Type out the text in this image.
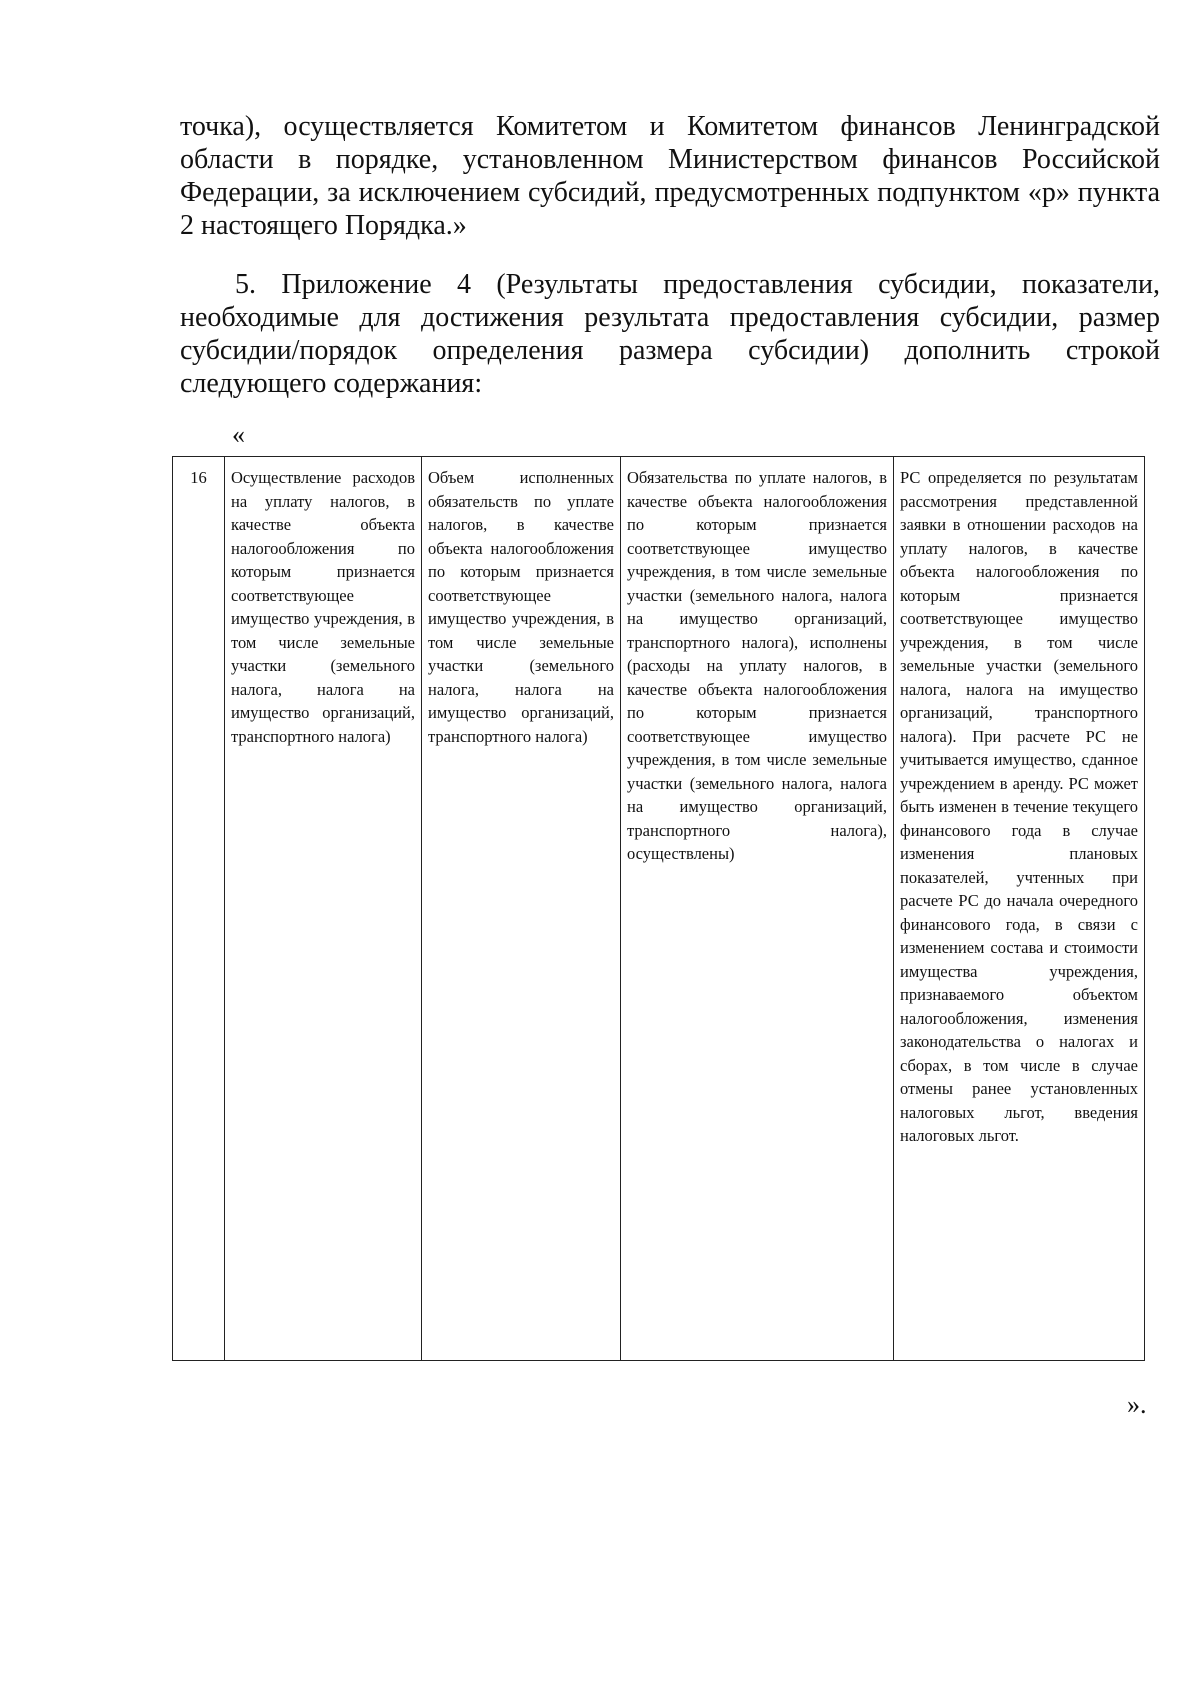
точка), осуществляется Комитетом и Комитетом финансов Ленинградской области в порядке, установленном Министерством финансов Российской Федерации, за исключением субсидий, предусмотренных подпунктом «р» пункта 2 настоящего Порядка.»

5. Приложение 4 (Результаты предоставления субсидии, показатели, необходимые для достижения результата предоставления субсидии, размер субсидии/порядок определения размера субсидии) дополнить строкой следующего содержания:

«
16	Осуществление расходов на уплату налогов, в качестве объекта налогообложения по которым признается соответствующее имущество учреждения, в том числе земельные участки (земельного налога, налога на имущество организаций, транспортного налога)	Объем исполненных обязательств по уплате налогов, в качестве объекта налогообложения по которым признается соответствующее имущество учреждения, в том числе земельные участки (земельного налога, налога на имущество организаций, транспортного налога)	Обязательства по уплате налогов, в качестве объекта налогообложения по которым признается соответствующее имущество учреждения, в том числе земельные участки (земельного налога, налога на имущество организаций, транспортного налога), исполнены (расходы на уплату налогов, в качестве объекта налогообложения по которым признается соответствующее имущество учреждения, в том числе земельные участки (земельного налога, налога на имущество организаций, транспортного налога), осуществлены)	РС определяется по результатам рассмотрения представленной заявки в отношении расходов на уплату налогов, в качестве объекта налогообложения по которым признается соответствующее имущество учреждения, в том числе земельные участки (земельного налога, налога на имущество организаций, транспортного налога). При расчете РС не учитывается имущество, сданное учреждением в аренду. РС может быть изменен в течение текущего финансового года в случае изменения плановых показателей, учтенных при расчете РС до начала очередного финансового года, в связи с изменением состава и стоимости имущества учреждения, признаваемого объектом налогообложения, изменения законодательства о налогах и сборах, в том числе в случае отмены ранее установленных налоговых льгот, введения налоговых льгот.
».
